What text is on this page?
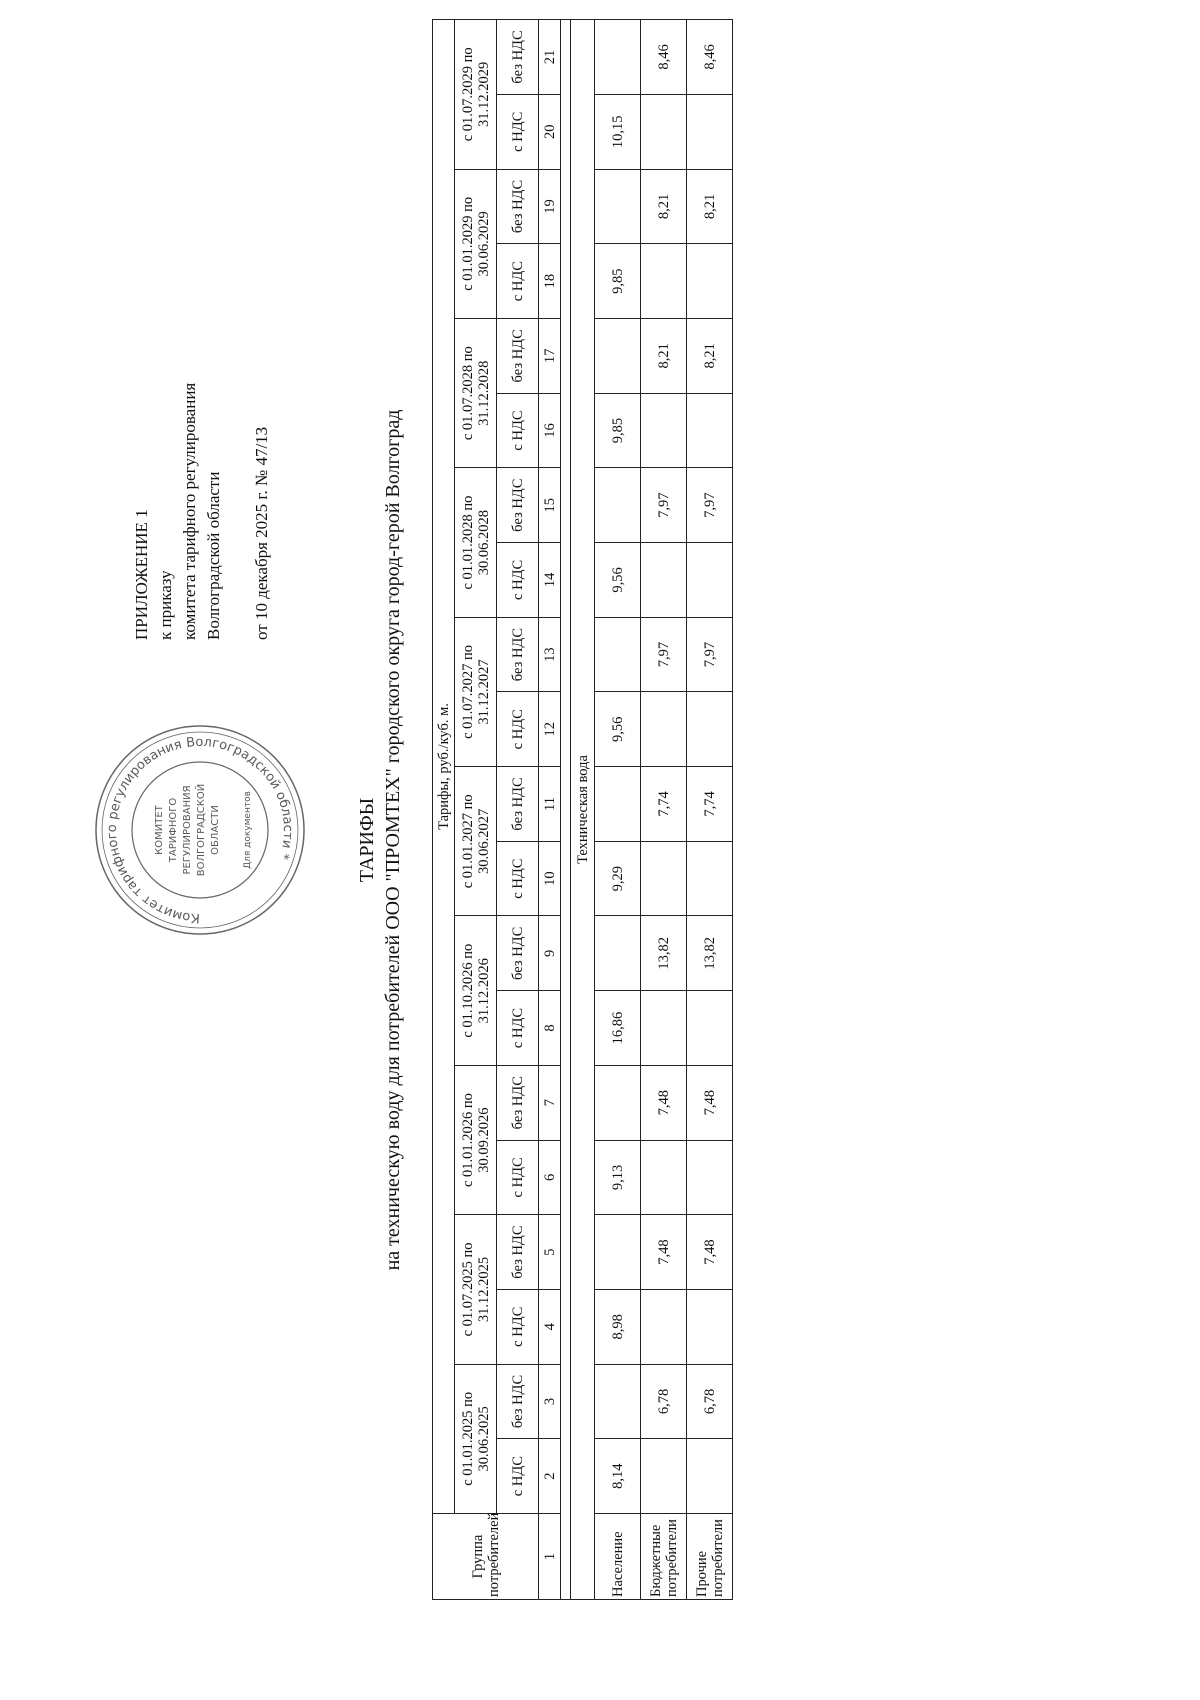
Комитет тарифного регулирования Волгоградской области *
КОМИТЕТ ТАРИФНОГО РЕГУЛИРОВАНИЯ ВОЛГОГРАДСКОЙ ОБЛАСТИ Для документов
ПРИЛОЖЕНИЕ 1 к приказу комитета тарифного регулирования Волгоградской области от 10 декабря 2025 г. № 47/13
ТАРИФЫ на техническую воду для потребителей ООО "ПРОМТЕХ" городского округа город-герой Волгоград
Группа потребителей	Тарифы, руб./куб. м.																			
	с 01.01.2025 по 30.06.2025		с 01.07.2025 по 31.12.2025		с 01.01.2026 по 30.09.2026		с 01.10.2026 по 31.12.2026		с 01.01.2027 по 30.06.2027		с 01.07.2027 по 31.12.2027		с 01.01.2028 по 30.06.2028		с 01.07.2028 по 31.12.2028		с 01.01.2029 по 30.06.2029		с 01.07.2029 по 31.12.2029	
	с НДС	без НДС	с НДС	без НДС	с НДС	без НДС	с НДС	без НДС	с НДС	без НДС	с НДС	без НДС	с НДС	без НДС	с НДС	без НДС	с НДС	без НДС	с НДС	без НДС
1	2	3	4	5	6	7	8	9	10	11	12	13	14	15	16	17	18	19	20	21

Техническая вода																				
Население	8,14		8,98		9,13		16,86		9,29		9,56		9,56		9,85		9,85		10,15	
Бюджетные потребители		6,78		7,48		7,48		13,82		7,74		7,97		7,97		8,21		8,21		8,46
Прочие потребители		6,78		7,48		7,48		13,82		7,74		7,97		7,97		8,21		8,21		8,46
